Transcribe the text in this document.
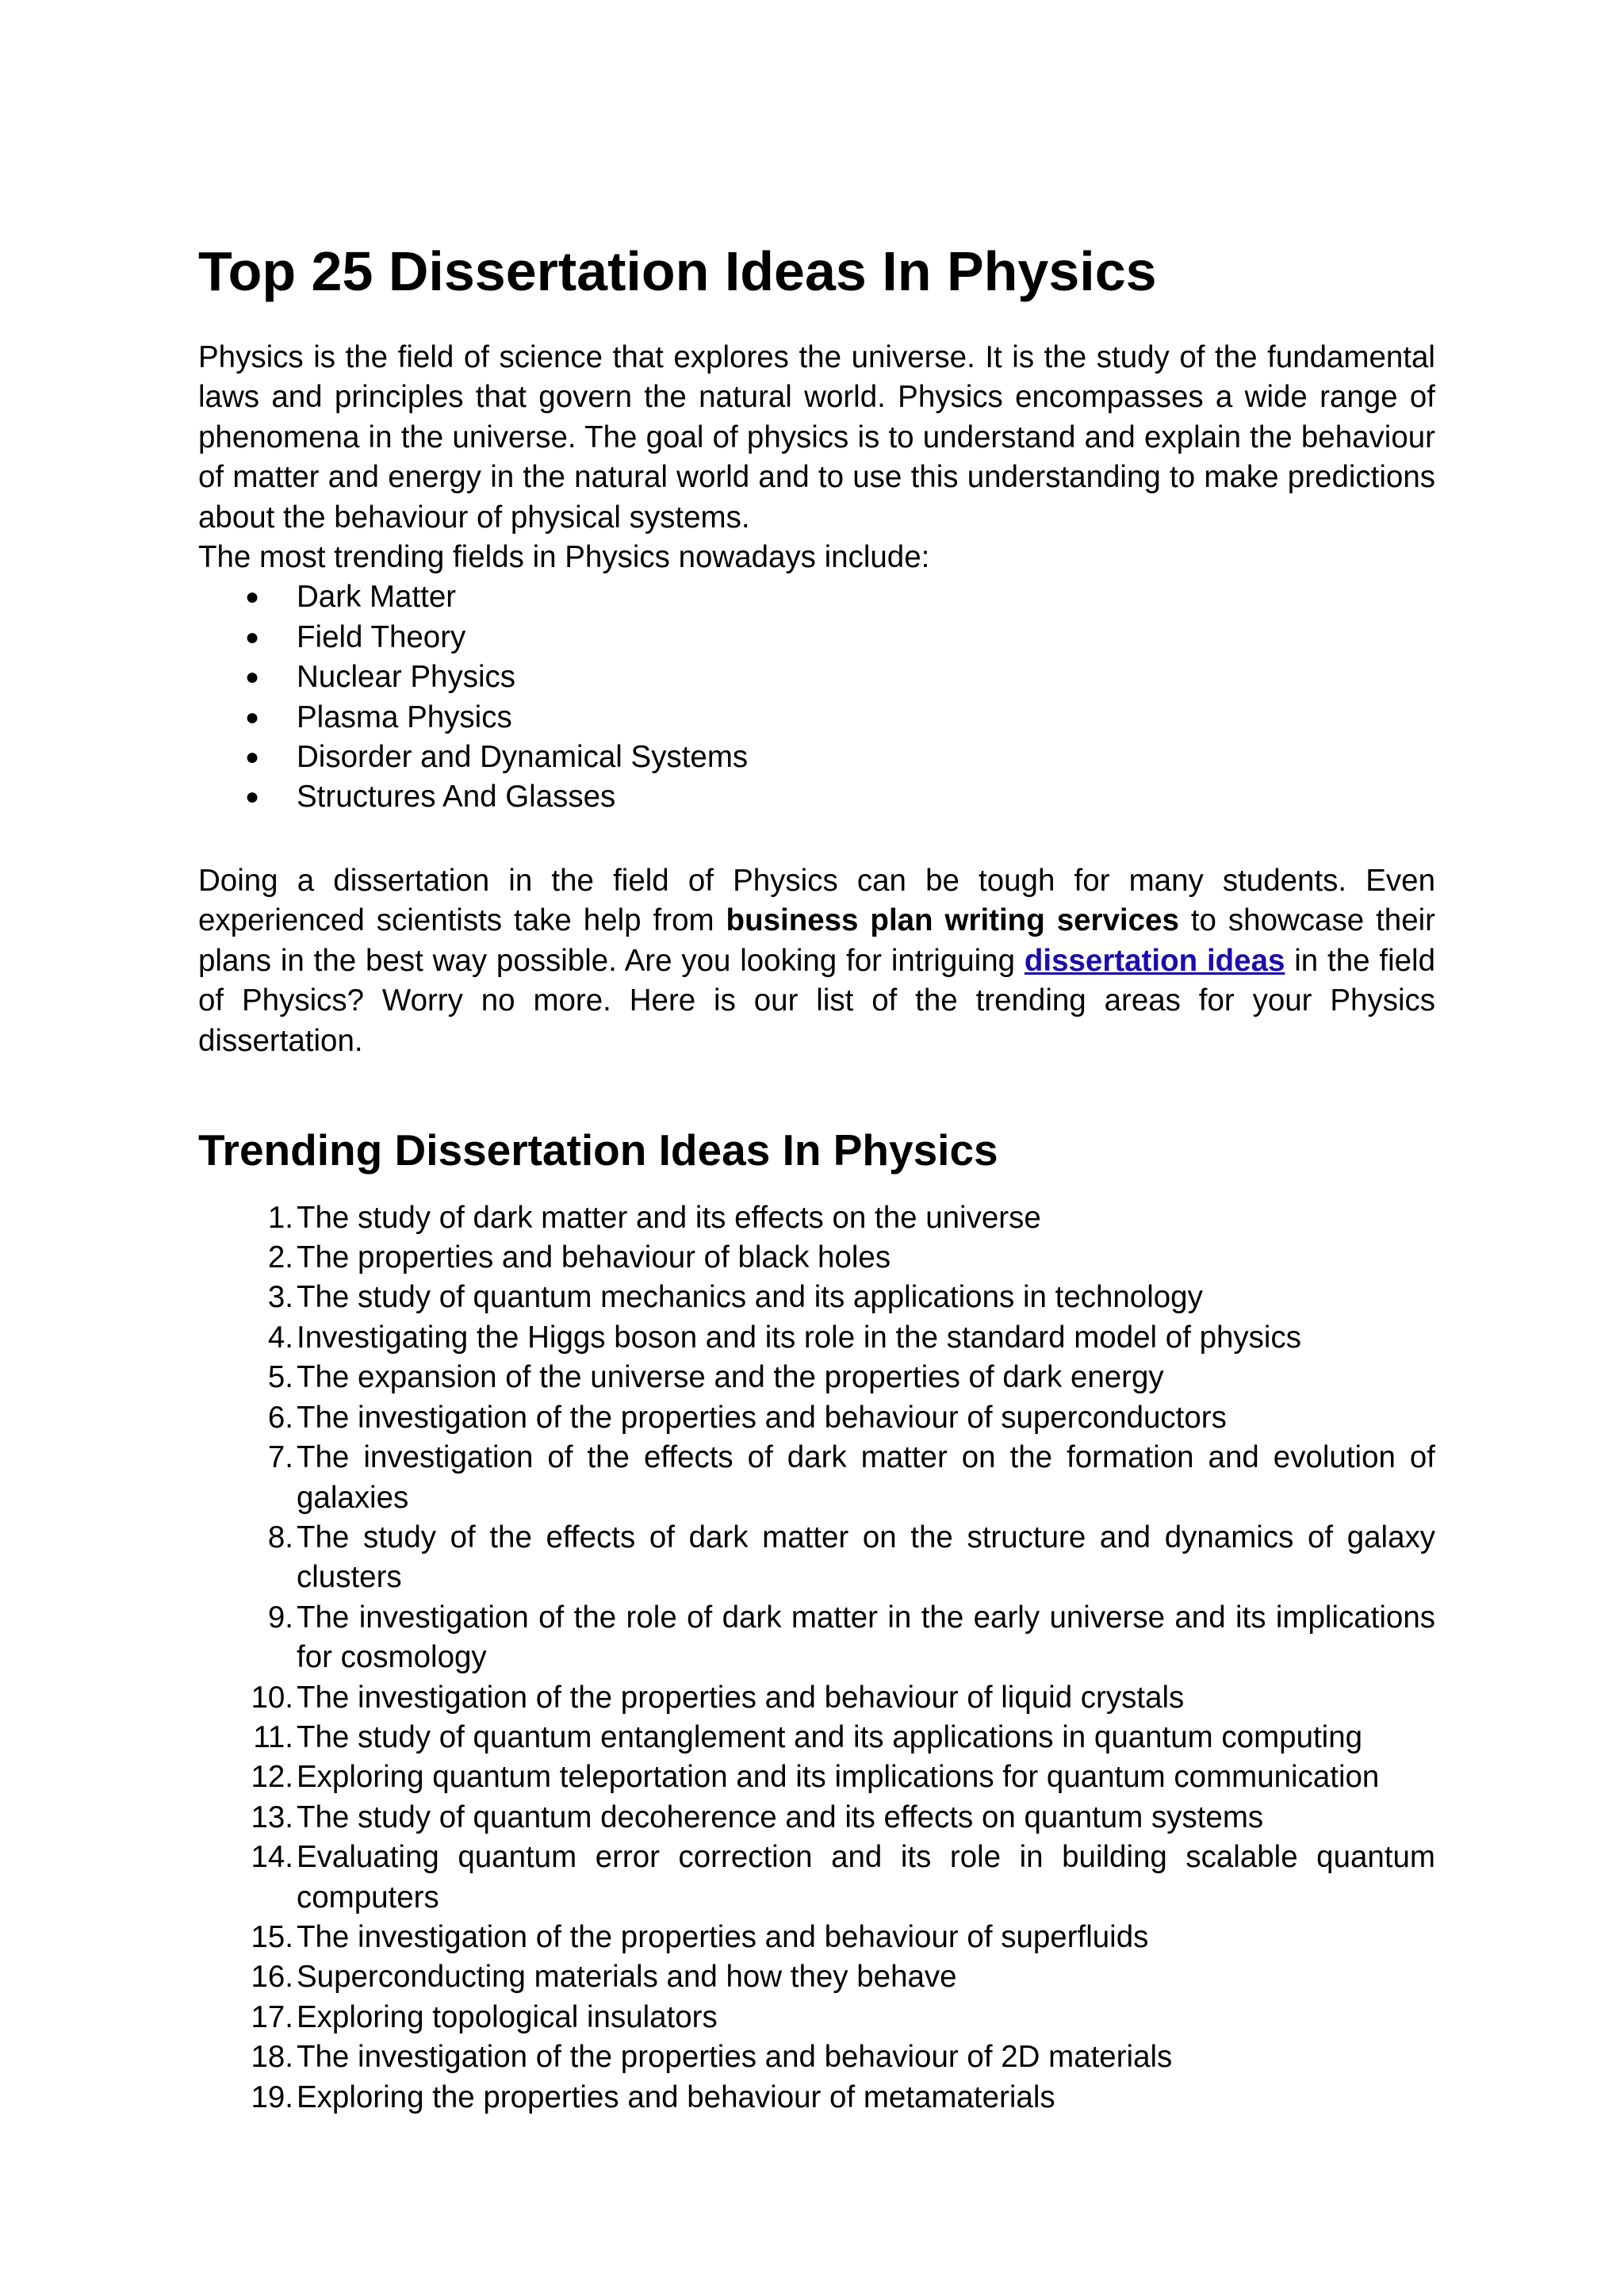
Top 25 Dissertation Ideas In Physics

Physics is the field of science that explores the universe. It is the study of the fundamental laws and principles that govern the natural world. Physics encompasses a wide range of phenomena in the universe. The goal of physics is to understand and explain the behaviour of matter and energy in the natural world and to use this understanding to make predictions about the behaviour of physical systems.

The most trending fields in Physics nowadays include:

● Dark Matter
● Field Theory
● Nuclear Physics
● Plasma Physics
● Disorder and Dynamical Systems
● Structures And Glasses

Doing a dissertation in the field of Physics can be tough for many students. Even experienced scientists take help from business plan writing services to showcase their plans in the best way possible. Are you looking for intriguing dissertation ideas in the field of Physics? Worry no more. Here is our list of the trending areas for your Physics dissertation.

Trending Dissertation Ideas In Physics
1. The study of dark matter and its effects on the universe
2. The properties and behaviour of black holes
3. The study of quantum mechanics and its applications in technology
4. Investigating the Higgs boson and its role in the standard model of physics
5. The expansion of the universe and the properties of dark energy
6. The investigation of the properties and behaviour of superconductors
7. The investigation of the effects of dark matter on the formation and evolution of galaxies
8. The study of the effects of dark matter on the structure and dynamics of galaxy clusters
9. The investigation of the role of dark matter in the early universe and its implications for cosmology
10. The investigation of the properties and behaviour of liquid crystals
11. The study of quantum entanglement and its applications in quantum computing
12. Exploring quantum teleportation and its implications for quantum communication
13. The study of quantum decoherence and its effects on quantum systems
14. Evaluating quantum error correction and its role in building scalable quantum computers
15. The investigation of the properties and behaviour of superfluids
16. Superconducting materials and how they behave
17. Exploring topological insulators
18. The investigation of the properties and behaviour of 2D materials
19. Exploring the properties and behaviour of metamaterials
